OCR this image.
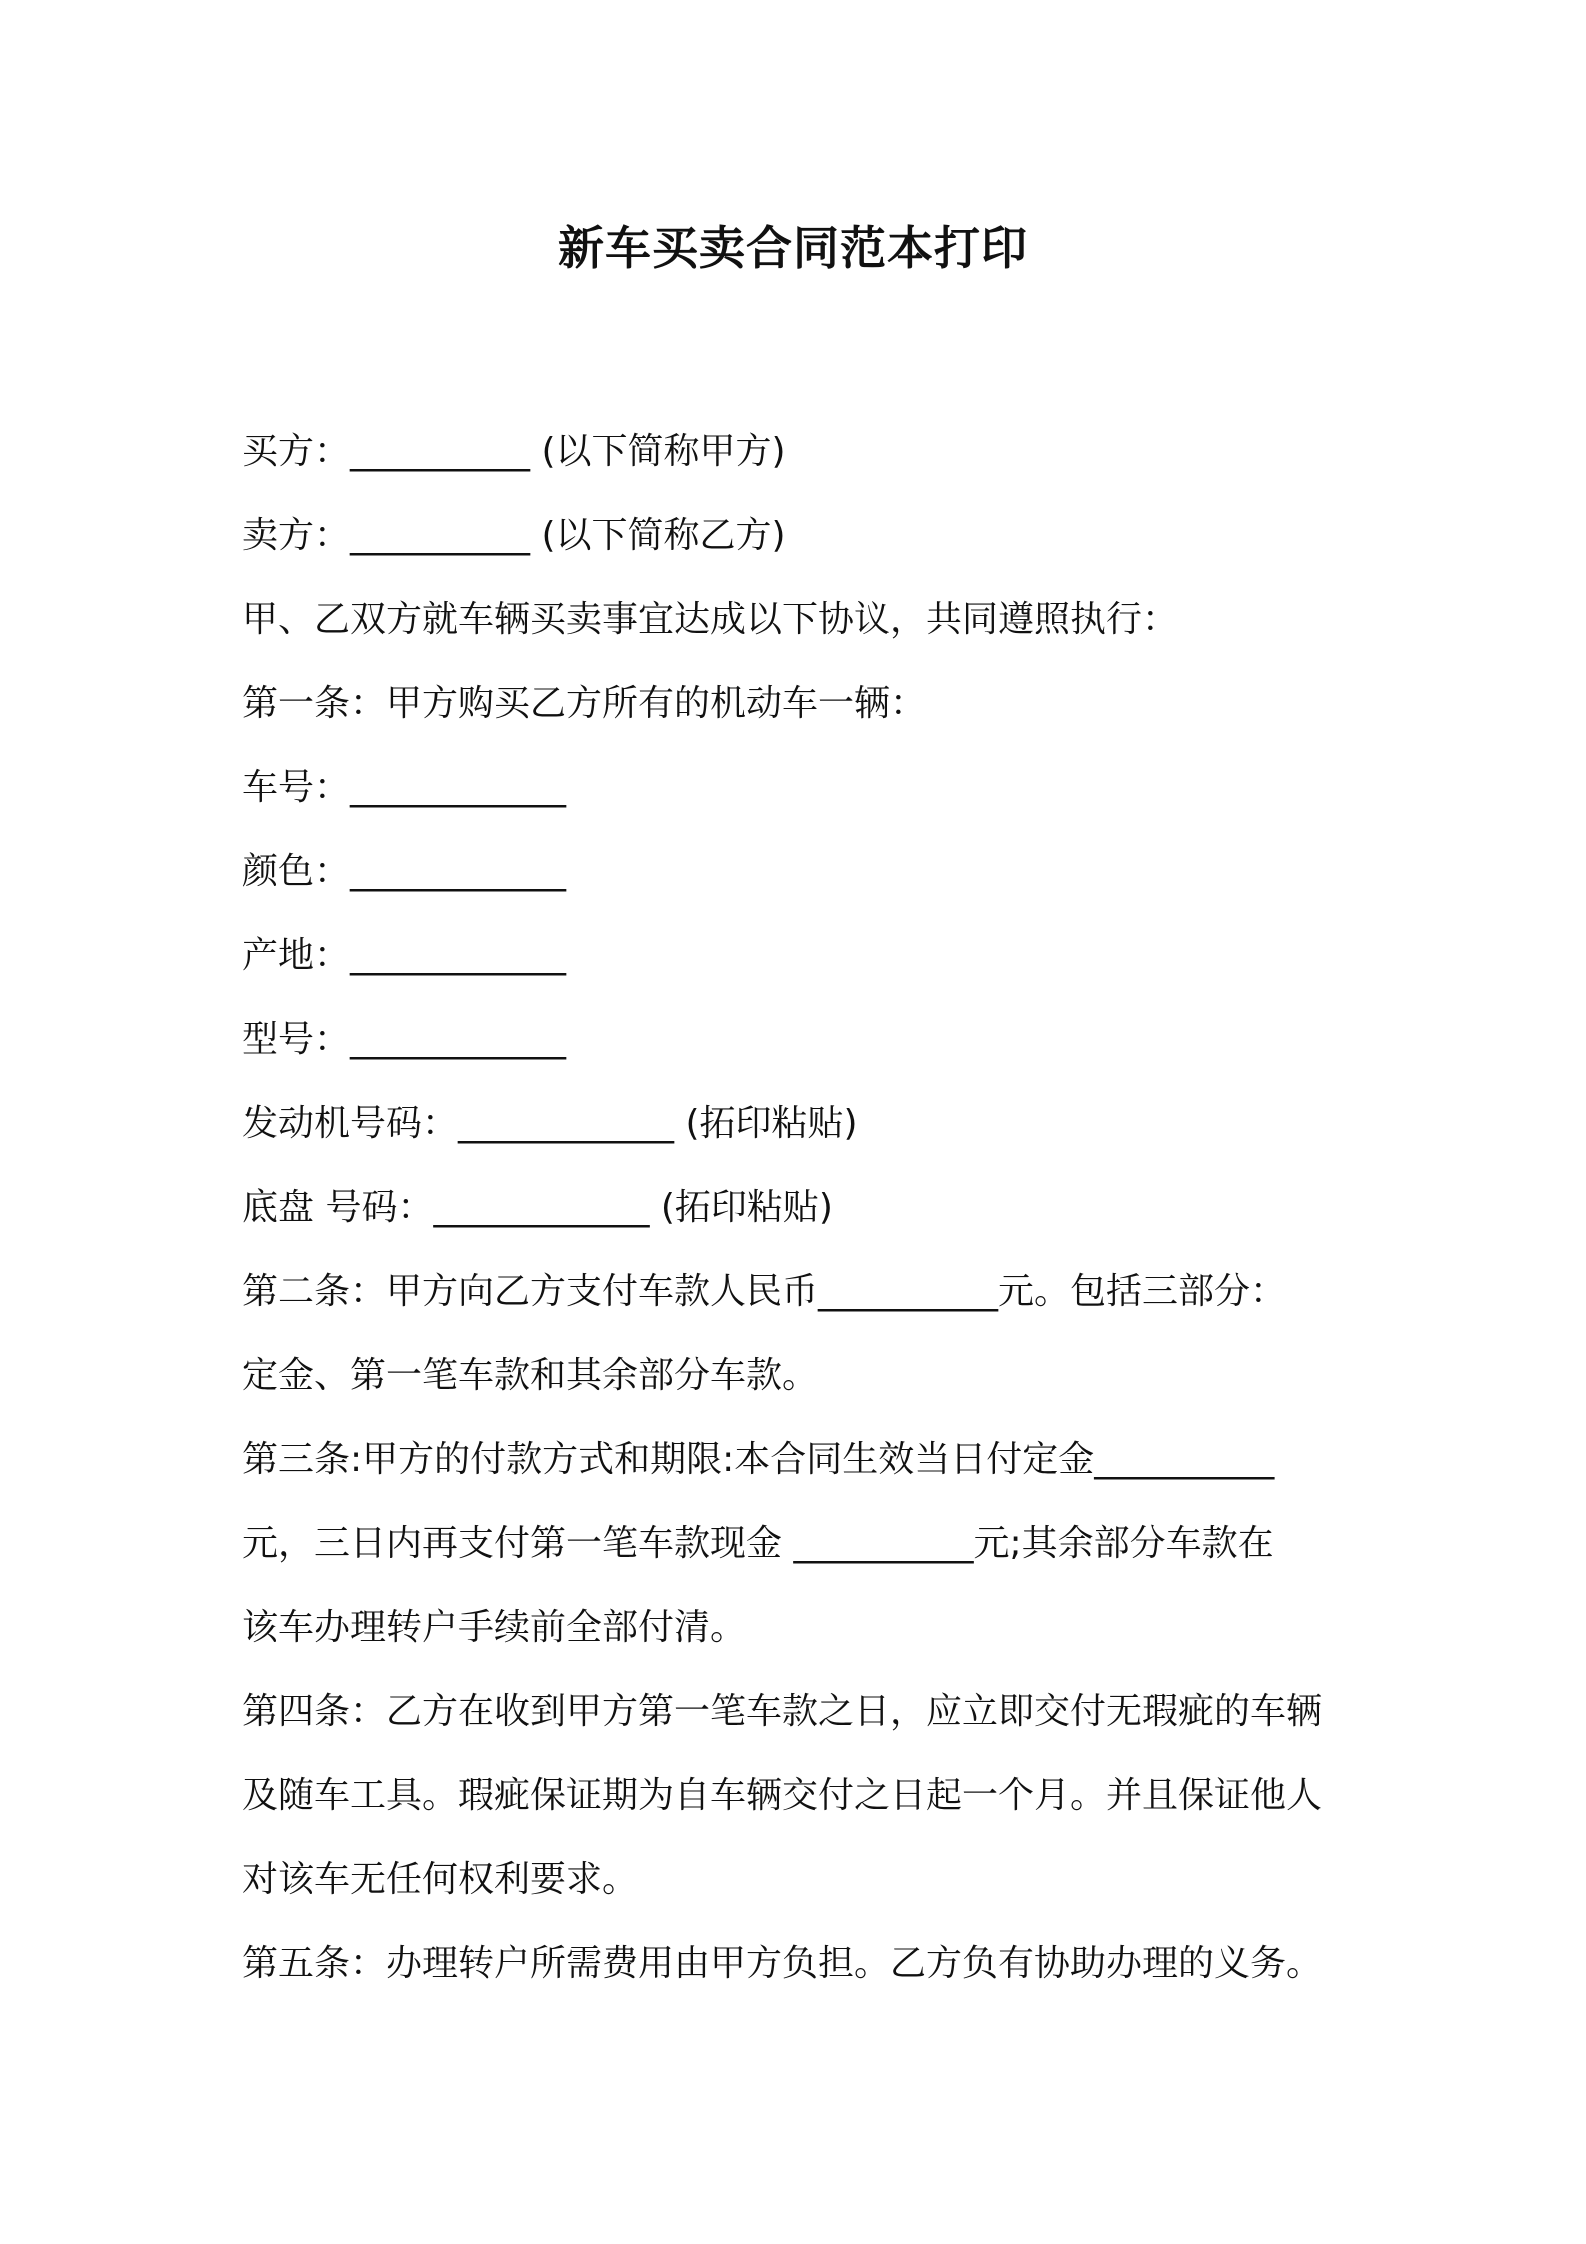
新车买卖合同范本打印
买方：__________ (以下简称甲方)
卖方：__________ (以下简称乙方)
甲、乙双方就车辆买卖事宜达成以下协议，共同遵照执行：
第一条：甲方购买乙方所有的机动车一辆：
车号：____________
颜色：____________
产地：____________
型号：____________
发动机号码：____________ (拓印粘贴)
底盘 号码：____________ (拓印粘贴)
第二条：甲方向乙方支付车款人民币__________元。包括三部分：
定金、第一笔车款和其余部分车款。
第三条:甲方的付款方式和期限:本合同生效当日付定金__________
元，三日内再支付第一笔车款现金 __________元;其余部分车款在
该车办理转户手续前全部付清。
第四条：乙方在收到甲方第一笔车款之日，应立即交付无瑕疵的车辆
及随车工具。瑕疵保证期为自车辆交付之日起一个月。并且保证他人
对该车无任何权利要求。
第五条：办理转户所需费用由甲方负担。乙方负有协助办理的义务。
